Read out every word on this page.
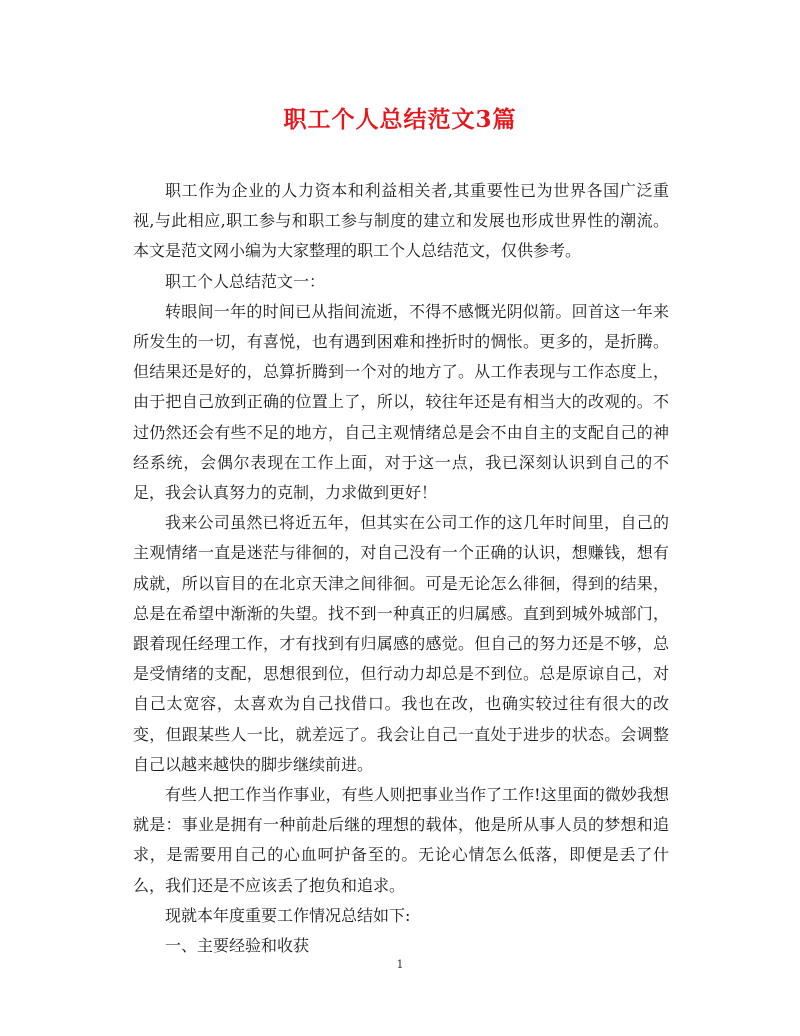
职工个人总结范文3篇

职工作为企业的人力资本和利益相关者,其重要性已为世界各国广泛重视,与此相应,职工参与和职工参与制度的建立和发展也形成世界性的潮流。本文是范文网小编为大家整理的职工个人总结范文，仅供参考。

职工个人总结范文一：

转眼间一年的时间已从指间流逝，不得不感慨光阴似箭。回首这一年来所发生的一切，有喜悦，也有遇到困难和挫折时的惆怅。更多的，是折腾。但结果还是好的，总算折腾到一个对的地方了。从工作表现与工作态度上，由于把自己放到正确的位置上了，所以，较往年还是有相当大的改观的。不过仍然还会有些不足的地方，自己主观情绪总是会不由自主的支配自己的神经系统，会偶尔表现在工作上面，对于这一点，我已深刻认识到自己的不足，我会认真努力的克制，力求做到更好！

我来公司虽然已将近五年，但其实在公司工作的这几年时间里，自己的主观情绪一直是迷茫与徘徊的，对自己没有一个正确的认识，想赚钱，想有成就，所以盲目的在北京天津之间徘徊。可是无论怎么徘徊，得到的结果，总是在希望中渐渐的失望。找不到一种真正的归属感。直到到城外城部门，跟着现任经理工作，才有找到有归属感的感觉。但自己的努力还是不够，总是受情绪的支配，思想很到位，但行动力却总是不到位。总是原谅自己，对自己太宽容，太喜欢为自己找借口。我也在改，也确实较过往有很大的改变，但跟某些人一比，就差远了。我会让自己一直处于进步的状态。会调整自己以越来越快的脚步继续前进。

有些人把工作当作事业，有些人则把事业当作了工作!这里面的微妙我想就是：事业是拥有一种前赴后继的理想的载体，他是所从事人员的梦想和追求，是需要用自己的心血呵护备至的。无论心情怎么低落，即便是丢了什么，我们还是不应该丢了抱负和追求。

现就本年度重要工作情况总结如下:

一、主要经验和收获

1
